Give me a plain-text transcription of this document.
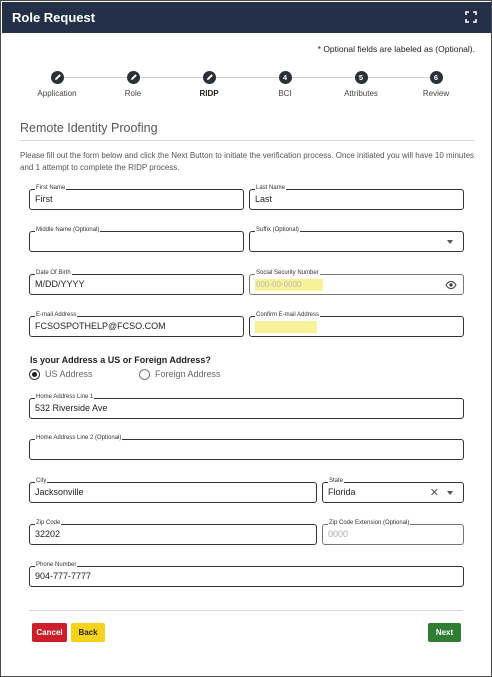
Role Request
* Optional fields are labeled as (Optional).
Application	Role	RIDP
4
BCI
5
Attributes
6
Review
Remote Identity Proofing
Please fill out the form below and click the Next Button to initiate the verification process. Once initiated you will have 10 minutes and 1 attempt to complete the RIDP process.
First Name
First
Last Name
Last
Middle Name (Optional)	Suffix (Optional)
Date Of Birth
M/DD/YYYY
Social Security Number
000-00-0000
E-mail Address
FCSOSPOTHELP@FCSO.COM
Confirm E-mail Address
Is your Address a US or Foreign Address?
US Address	Foreign Address
Home Address Line 1
532 Riverside Ave
Home Address Line 2 (Optional)
City
Jacksonville
State
Florida	✕
Zip Code
32202
Zip Code Extension (Optional)
0000
Phone Number
904-777-7777
Cancel	Back	Next
